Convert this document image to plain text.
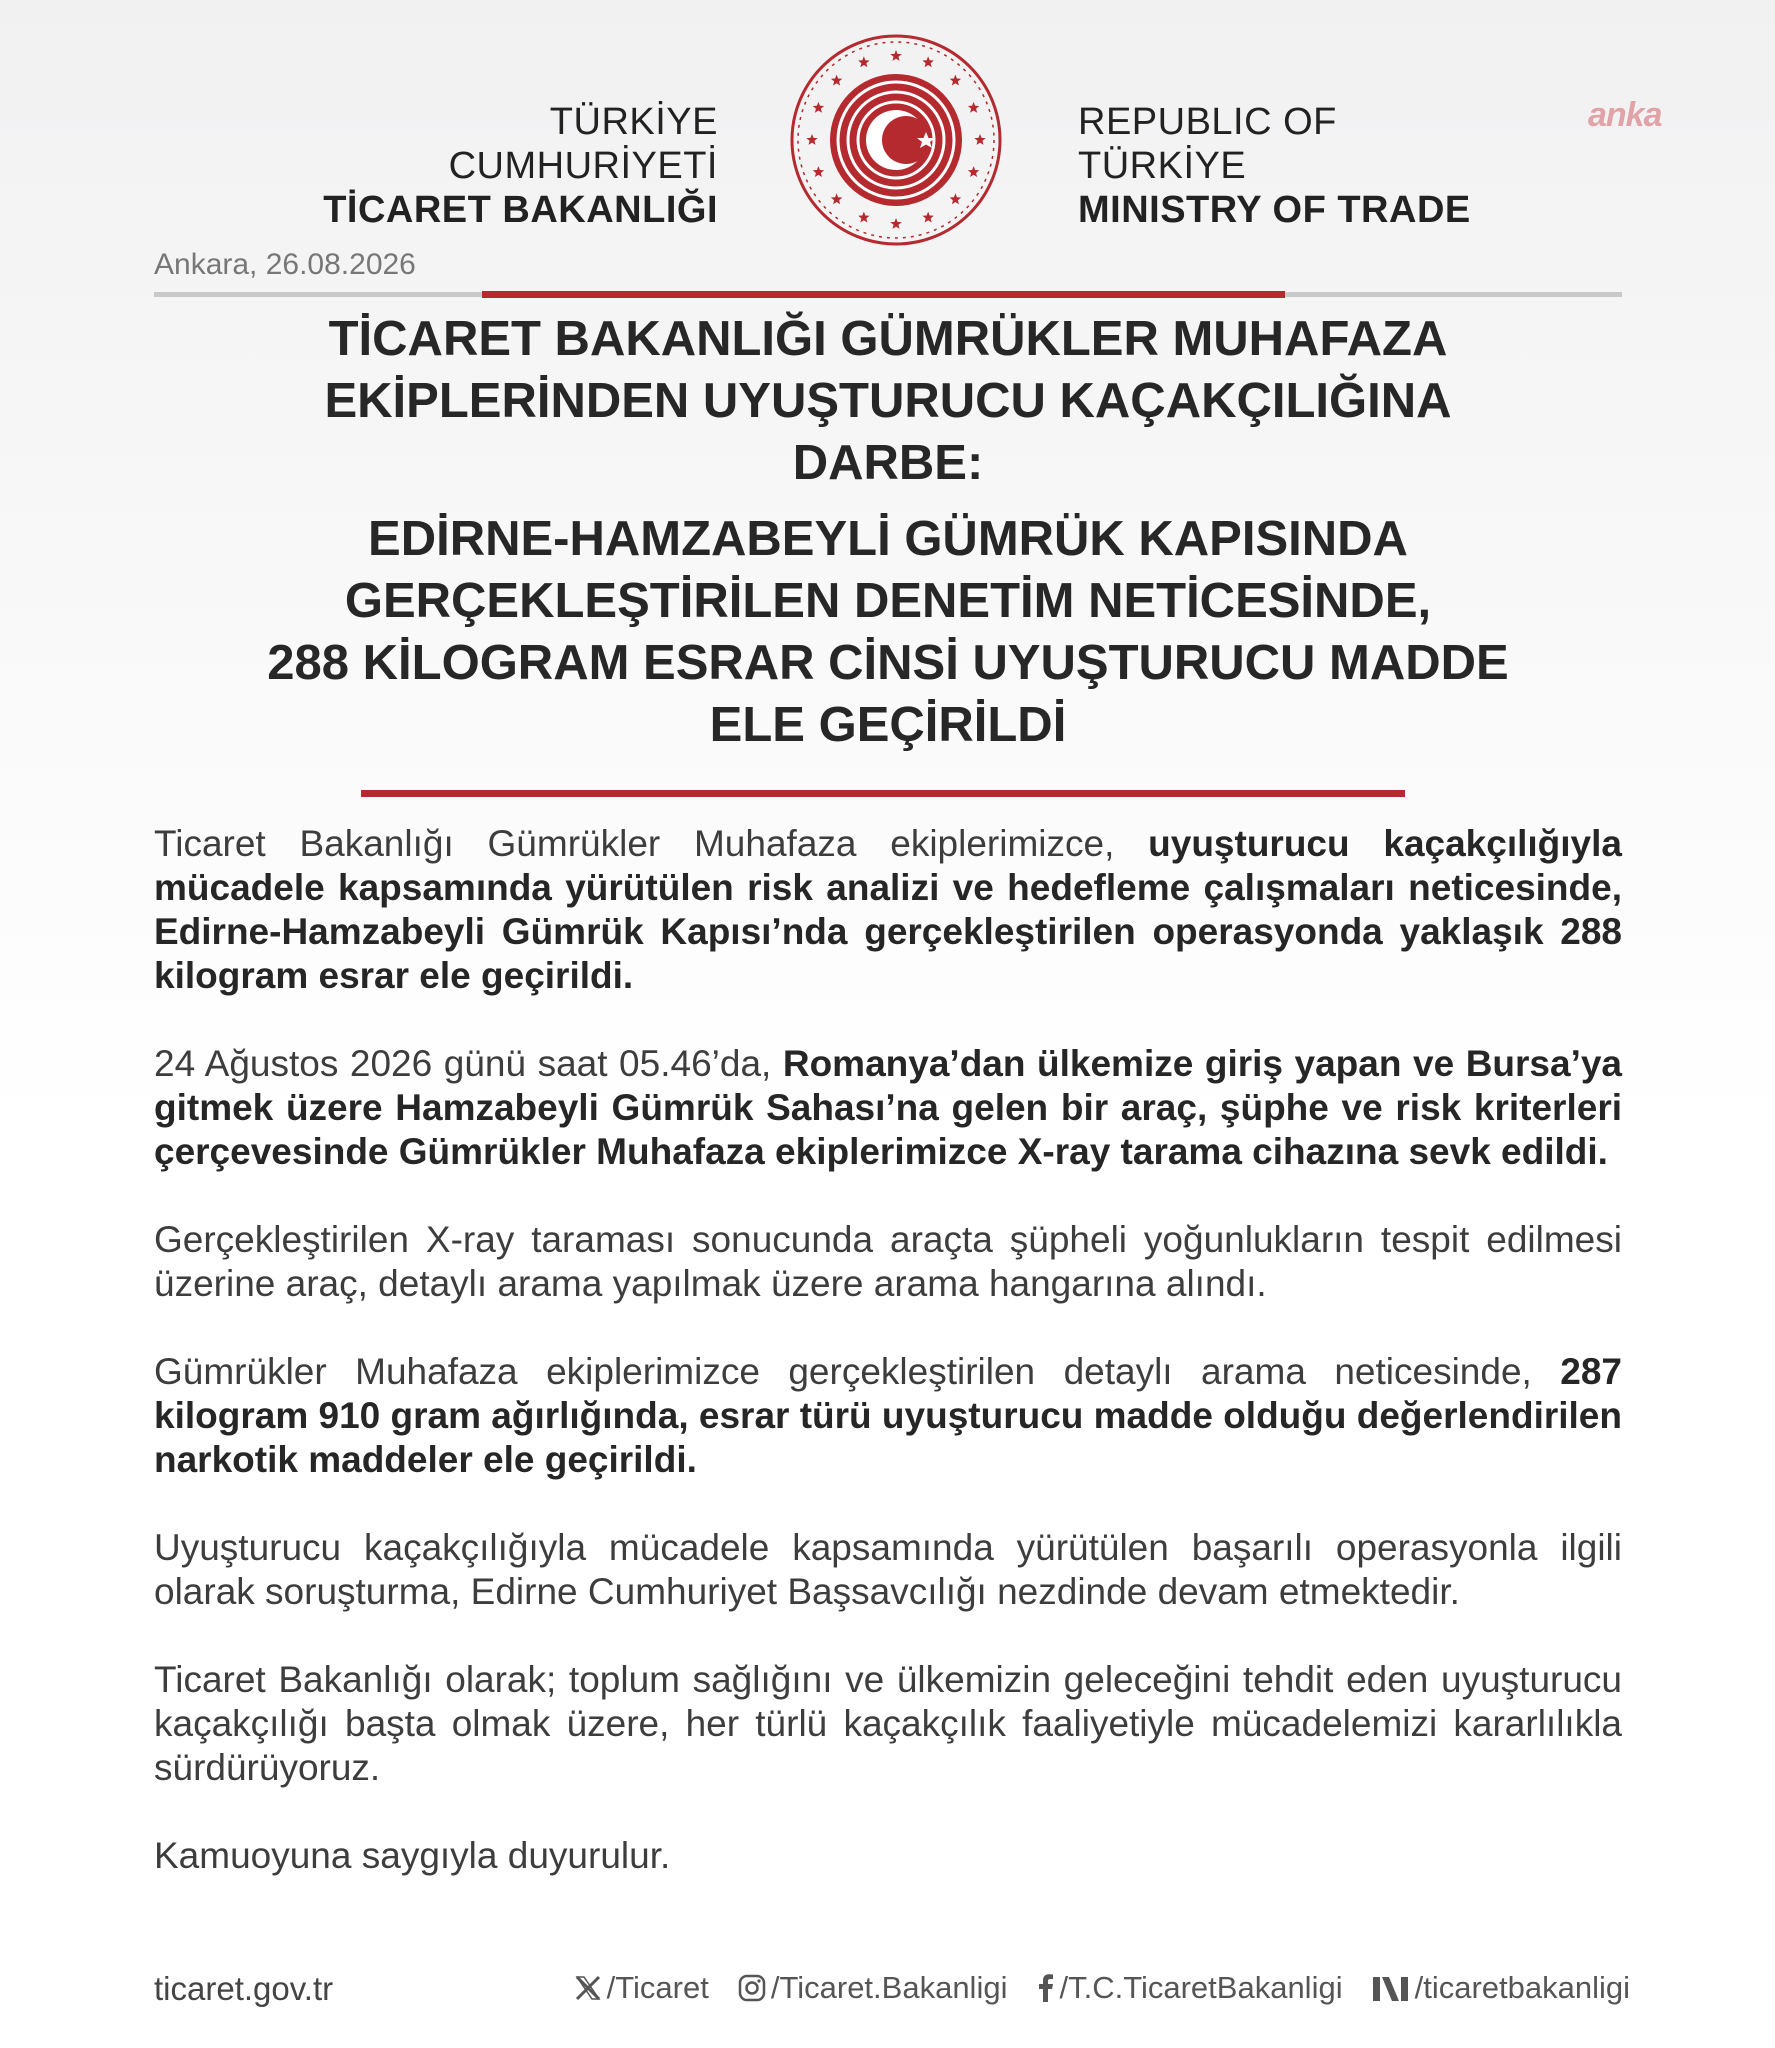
TÜRKİYE CUMHURİYETİ
TİCARET BAKANLIĞI
REPUBLIC OF TÜRKİYE
MINISTRY OF TRADE
anka
Ankara, 26.08.2026
TİCARET BAKANLIĞI GÜMRÜKLER MUHAFAZA
EKİPLERİNDEN UYUŞTURUCU KAÇAKÇILIĞINA
DARBE:
EDİRNE-HAMZABEYLİ GÜMRÜK KAPISINDA
GERÇEKLEŞTİRİLEN DENETİM NETİCESİNDE,
288 KİLOGRAM ESRAR CİNSİ UYUŞTURUCU MADDE
ELE GEÇİRİLDİ

Ticaret Bakanlığı Gümrükler Muhafaza ekiplerimizce, uyuşturucu kaçakçılığıyla mücadele kapsamında yürütülen risk analizi ve hedefleme çalışmaları neticesinde, Edirne-Hamzabeyli Gümrük Kapısı’nda gerçekleştirilen operasyonda yaklaşık 288 kilogram esrar ele geçirildi.

24 Ağustos 2026 günü saat 05.46’da, Romanya’dan ülkemize giriş yapan ve Bursa’ya gitmek üzere Hamzabeyli Gümrük Sahası’na gelen bir araç, şüphe ve risk kriterleri çerçevesinde Gümrükler Muhafaza ekiplerimizce X-ray tarama cihazına sevk edildi.

Gerçekleştirilen X-ray taraması sonucunda araçta şüpheli yoğunlukların tespit edilmesi üzerine araç, detaylı arama yapılmak üzere arama hangarına alındı.

Gümrükler Muhafaza ekiplerimizce gerçekleştirilen detaylı arama neticesinde, 287 kilogram 910 gram ağırlığında, esrar türü uyuşturucu madde olduğu değerlendirilen narkotik maddeler ele geçirildi.

Uyuşturucu kaçakçılığıyla mücadele kapsamında yürütülen başarılı operasyonla ilgili olarak soruşturma, Edirne Cumhuriyet Başsavcılığı nezdinde devam etmektedir.

Ticaret Bakanlığı olarak; toplum sağlığını ve ülkemizin geleceğini tehdit eden uyuşturucu kaçakçılığı başta olmak üzere, her türlü kaçakçılık faaliyetiyle mücadelemizi kararlılıkla sürdürüyoruz.

Kamuoyuna saygıyla duyurulur.

ticaret.gov.tr	/Ticaret /Ticaret.Bakanligi /T.C.TicaretBakanligi /ticaretbakanligi
